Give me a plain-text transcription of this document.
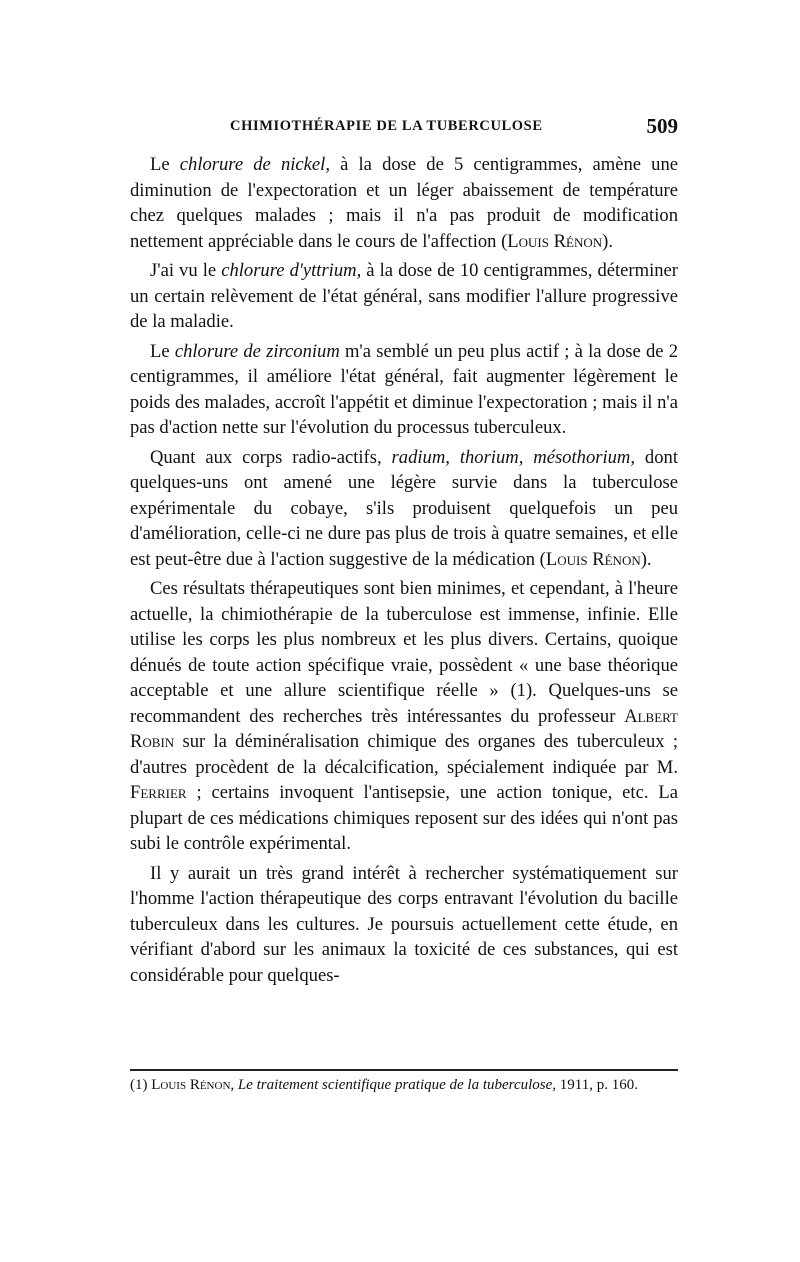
CHIMIOTHÉRAPIE DE LA TUBERCULOSE	509

Le chlorure de nickel, à la dose de 5 centigrammes, amène une diminution de l'expectoration et un léger abaissement de température chez quelques malades ; mais il n'a pas produit de modification nettement appréciable dans le cours de l'affection (Louis Rénon).

J'ai vu le chlorure d'yttrium, à la dose de 10 centigrammes, déterminer un certain relèvement de l'état général, sans modifier l'allure progressive de la maladie.

Le chlorure de zirconium m'a semblé un peu plus actif ; à la dose de 2 centigrammes, il améliore l'état général, fait augmenter légèrement le poids des malades, accroît l'appétit et diminue l'expectoration ; mais il n'a pas d'action nette sur l'évolution du processus tuberculeux.

Quant aux corps radio-actifs, radium, thorium, mésothorium, dont quelques-uns ont amené une légère survie dans la tuberculose expérimentale du cobaye, s'ils produisent quelquefois un peu d'amélioration, celle-ci ne dure pas plus de trois à quatre semaines, et elle est peut-être due à l'action suggestive de la médication (Louis Rénon).

Ces résultats thérapeutiques sont bien minimes, et cependant, à l'heure actuelle, la chimiothérapie de la tuberculose est immense, infinie. Elle utilise les corps les plus nombreux et les plus divers. Certains, quoique dénués de toute action spécifique vraie, possèdent « une base théorique acceptable et une allure scientifique réelle » (1). Quelques-uns se recommandent des recherches très intéressantes du professeur Albert Robin sur la déminéralisation chimique des organes des tuberculeux ; d'autres procèdent de la décalcification, spécialement indiquée par M. Ferrier ; certains invoquent l'antisepsie, une action tonique, etc. La plupart de ces médications chimiques reposent sur des idées qui n'ont pas subi le contrôle expérimental.

Il y aurait un très grand intérêt à rechercher systématiquement sur l'homme l'action thérapeutique des corps entravant l'évolution du bacille tuberculeux dans les cultures. Je poursuis actuellement cette étude, en vérifiant d'abord sur les animaux la toxicité de ces substances, qui est considérable pour quelques-

(1) Louis Rénon, Le traitement scientifique pratique de la tuberculose, 1911, p. 160.
